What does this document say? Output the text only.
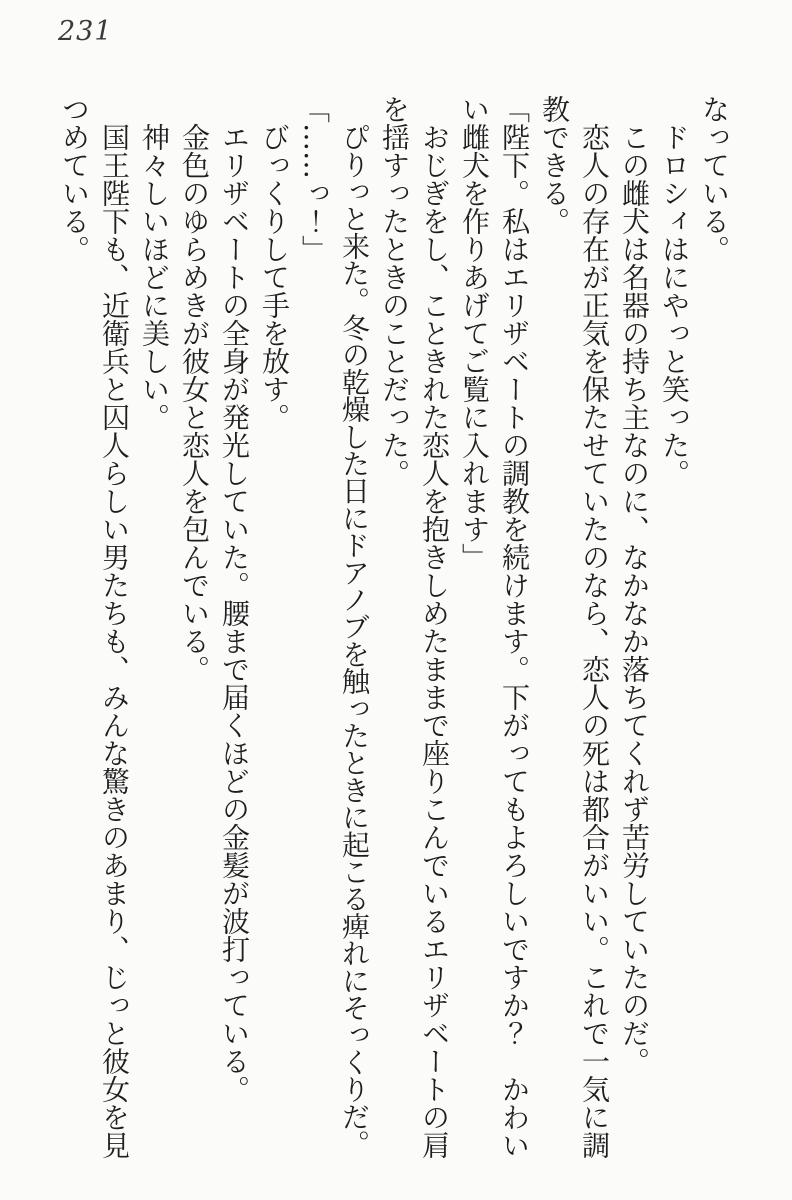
231

なっている。

ドロシィはにやっと笑った。

この雌犬は名器の持ち主なのに、なかなか落ちてくれず苦労していたのだ。

恋人の存在が正気を保たせていたのなら、恋人の死は都合がいい。これで一気に調教できる。

「陛下。私はエリザベートの調教を続けます。下がってもよろしいですか？　かわいい雌犬を作りあげてご覧に入れます」

おじぎをし、こときれた恋人を抱きしめたままで座りこんでいるエリザベートの肩を揺すったときのことだった。

ぴりっと来た。冬の乾燥した日にドアノブを触ったときに起こる痺れにそっくりだ。

「……っ！」

びっくりして手を放す。

エリザベートの全身が発光していた。腰まで届くほどの金髪が波打っている。

金色のゆらめきが彼女と恋人を包んでいる。

神々しいほどに美しい。

国王陛下も、近衛兵と囚人らしい男たちも、みんな驚きのあまり、じっと彼女を見つめている。
